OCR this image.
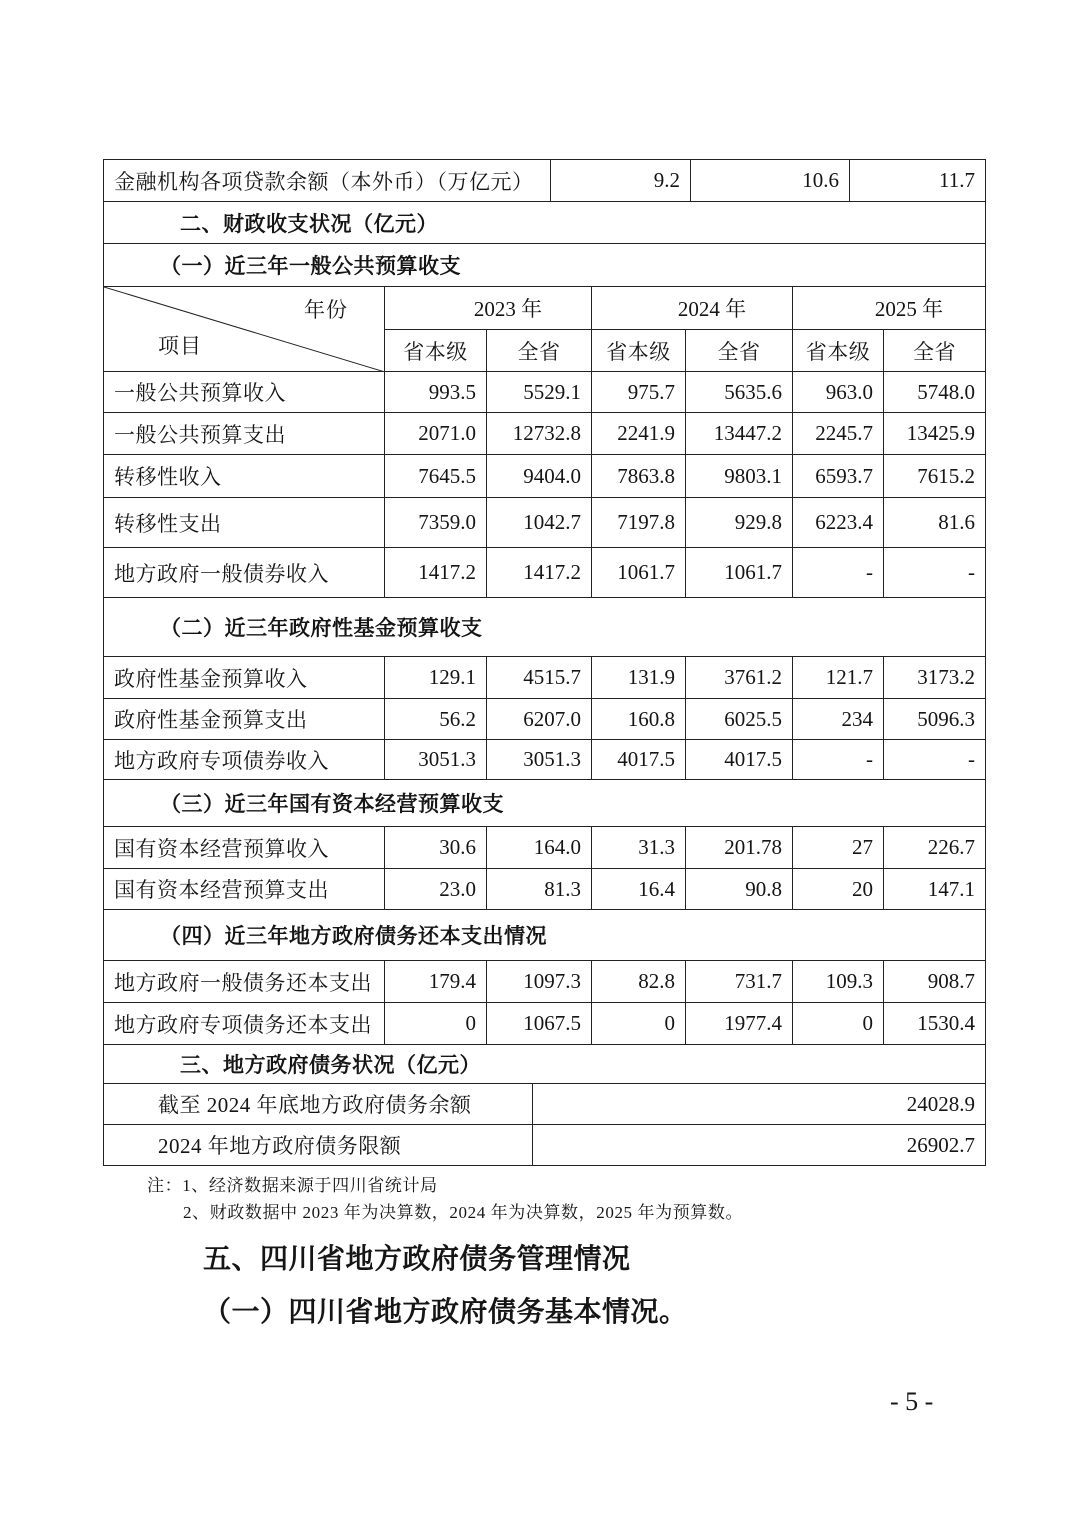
金融机构各项贷款余额（本外币）（万亿元）	9.2	10.6	11.7
二、财政收支状况（亿元）
（一）近三年一般公共预算收支
年份
项目
2023 年	2024 年	2025 年
省本级 全省 省本级 全省 省本级 全省
一般公共预算收入	993.5 5529.1 975.7 5635.6 963.0 5748.0
一般公共预算支出	2071.0 12732.8 2241.9 13447.2 2245.7 13425.9
转移性收入	7645.5 9404.0 7863.8 9803.1 6593.7 7615.2
转移性支出	7359.0 1042.7 7197.8	929.8 6223.4	81.6
地方政府一般债券收入	1417.2 1417.2 1061.7 1061.7	-	-
（二）近三年政府性基金预算收支
政府性基金预算收入	129.1 4515.7 131.9 3761.2 121.7 3173.2
政府性基金预算支出	56.2 6207.0 160.8 6025.5	234 5096.3
地方政府专项债券收入	3051.3 3051.3 4017.5 4017.5	-	-
（三）近三年国有资本经营预算收支
国有资本经营预算收入	30.6	164.0	31.3 201.78	27	226.7
国有资本经营预算支出	23.0	81.3	16.4	90.8	20	147.1
（四）近三年地方政府债务还本支出情况
地方政府一般债务还本支出	179.4 1097.3	82.8	731.7 109.3	908.7
地方政府专项债务还本支出	0 1067.5	0 1977.4	0 1530.4
三、地方政府债务状况（亿元）
截至 2024 年底地方政府债务余额	24028.9
2024 年地方政府债务限额	26902.7
注：1、经济数据来源于四川省统计局
2、财政数据中 2023 年为决算数，2024 年为决算数，2025 年为预算数。
五、四川省地方政府债务管理情况
（一）四川省地方政府债务基本情况。
- 5 -
